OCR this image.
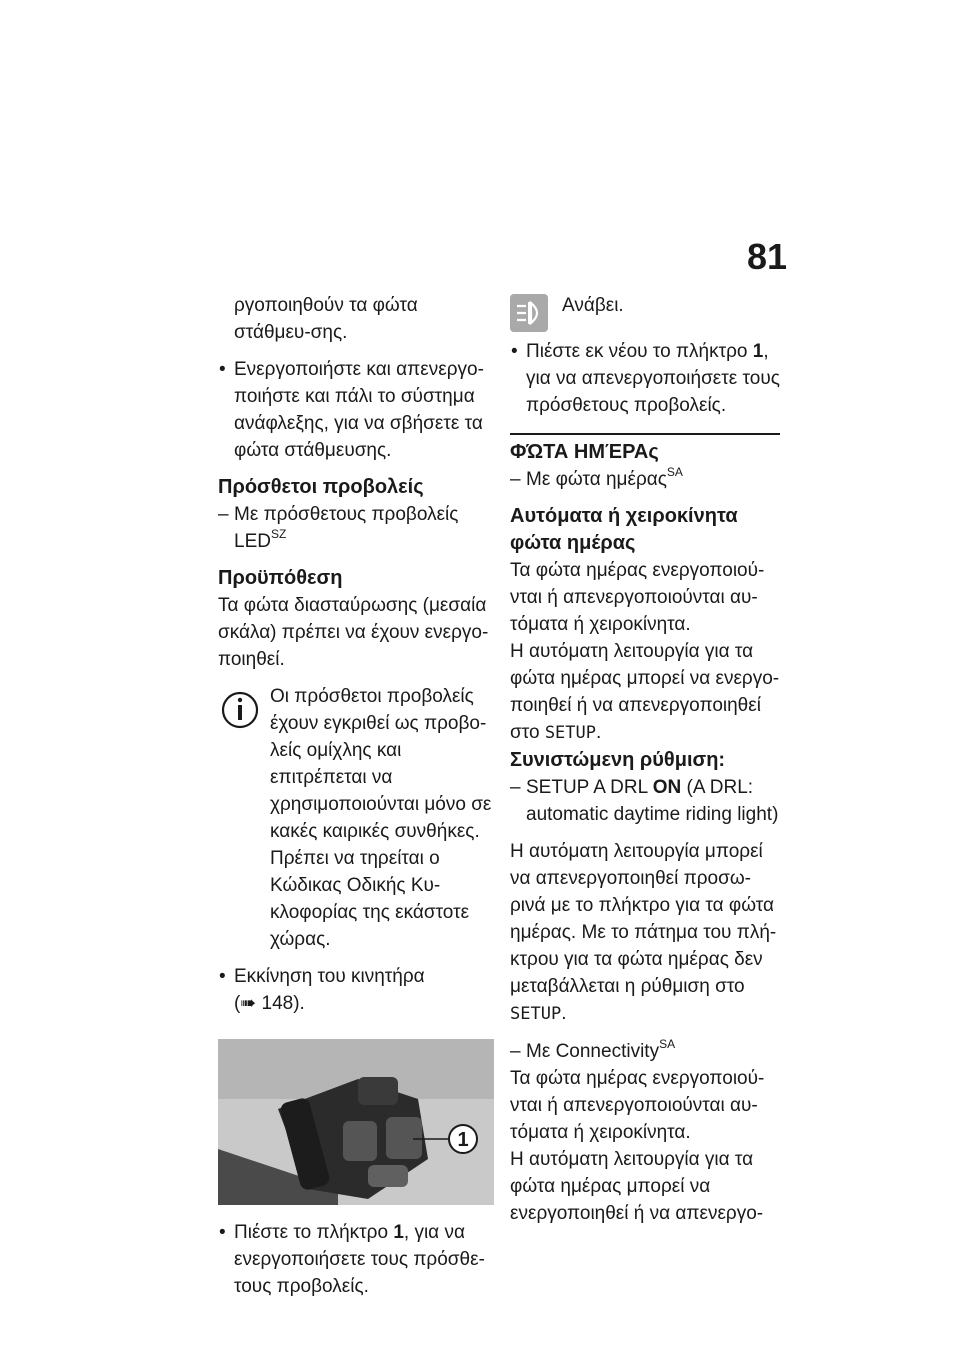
81

ργοποιηθούν τα φώτα στάθμευ-σης.

• Ενεργοποιήστε και απενεργο-ποιήστε και πάλι το σύστημα ανάφλεξης, για να σβήσετε τα φώτα στάθμευσης.

Πρόσθετοι προβολείς

– Με πρόσθετους προβολείς $LED^{SZ}$

Προϋπόθεση

Τα φώτα διασταύρωσης (μεσαία σκάλα) πρέπει να έχουν ενεργο-ποιηθεί.

Οι πρόσθετοι προβολείς έχουν εγκριθεί ως προβο-λείς ομίχλης και επιτρέπεται να χρησιμοποιούνται μόνο σε κακές καιρικές συνθήκες. Πρέπει να τηρείται ο Κώδικας Οδικής Κυ-κλοφορίας της εκάστοτε χώρας.

• Εκκίνηση του κινητήρα

(➠ 148).

1

• Πιέστε το πλήκτρο 1, για να ενεργοποιήσετε τους πρόσθε-τους προβολείς.

Ανάβει.

• Πιέστε εκ νέου το πλήκτρο 1, για να απενεργοποιήσετε τους πρόσθετους προβολείς.

ΦΏΤΑ ΗΜΈΡΑς

– Με φώτα ημέρας$^{SA}$

Αυτόματα ή χειροκίνητα φώτα ημέρας

Τα φώτα ημέρας ενεργοποιού-νται ή απενεργοποιούνται αυ-τόματα ή χειροκίνητα.

Η αυτόματη λειτουργία για τα φώτα ημέρας μπορεί να ενεργο-ποιηθεί ή να απενεργοποιηθεί στο SETUP.

Συνιστώμενη ρύθμιση:

– SETUP A DRL ON (A DRL: automatic daytime riding light)

Η αυτόματη λειτουργία μπορεί να απενεργοποιηθεί προσω-ρινά με το πλήκτρο για τα φώτα ημέρας. Με το πάτημα του πλή-κτρου για τα φώτα ημέρας δεν μεταβάλλεται η ρύθμιση στο SETUP.

– Με Connectivity$^{SA}$

Τα φώτα ημέρας ενεργοποιού-νται ή απενεργοποιούνται αυ-τόματα ή χειροκίνητα.

Η αυτόματη λειτουργία για τα φώτα ημέρας μπορεί να ενεργοποιηθεί ή να απενεργο-
